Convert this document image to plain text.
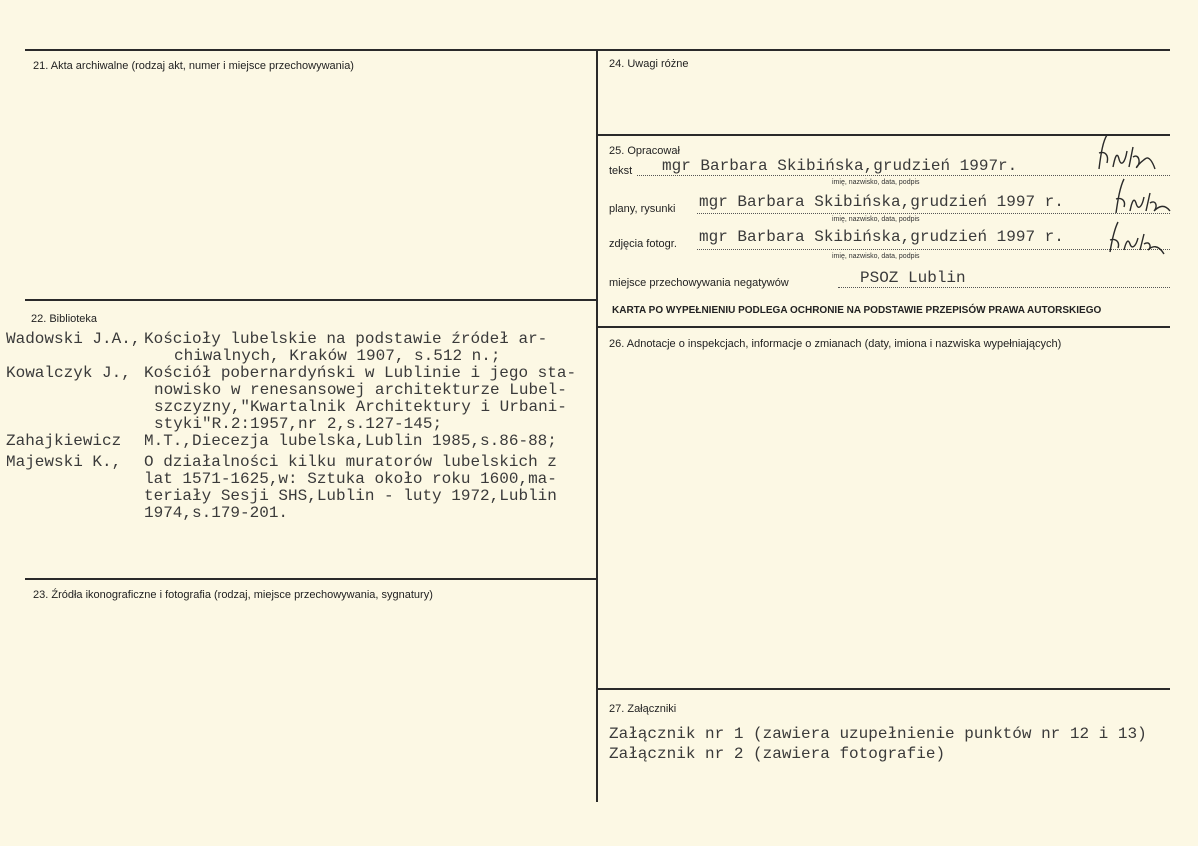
21. Akta archiwalne (rodzaj akt, numer i miejsce przechowywania)
22. Biblioteka

Wadowski J.A.,

Kościoły lubelskie na podstawie źródeł ar-

chiwalnych, Kraków 1907, s.512 n.;

Kowalczyk J.,

Kościół pobernardyński w Lublinie i jego sta-

nowisko w renesansowej architekturze Lubel-

szczyzny,"Kwartalnik Architektury i Urbani-

styki"R.2:1957,nr 2,s.127-145;

Zahajkiewicz

M.T.,Diecezja lubelska,Lublin 1985,s.86-88;

Majewski K.,

O działalności kilku muratorów lubelskich z

lat 1571-1625,w: Sztuka około roku 1600,ma-

teriały Sesji SHS,Lublin - luty 1972,Lublin

1974,s.179-201.

23. Źródła ikonograficzne i fotografia (rodzaj, miejsce przechowywania, sygnatury)
24. Uwagi różne
25. Opracował
tekst mgr Barbara Skibińska,grudzień 1997r.
imię, nazwisko, data, podpis
plany, rysunki mgr Barbara Skibińska,grudzień 1997 r.
imię, nazwisko, data, podpis
zdjęcia fotogr. mgr Barbara Skibińska,grudzień 1997 r.
imię, nazwisko, data, podpis
miejsce przechowywania negatywów	PSOZ Lublin
KARTA PO WYPEŁNIENIU PODLEGA OCHRONIE NA PODSTAWIE PRZEPISÓW PRAWA AUTORSKIEGO
26. Adnotacje o inspekcjach, informacje o zmianach (daty, imiona i nazwiska wypełniających)
27. Załączniki
Załącznik nr 1 (zawiera uzupełnienie punktów nr 12 i 13)
Załącznik nr 2 (zawiera fotografie)
